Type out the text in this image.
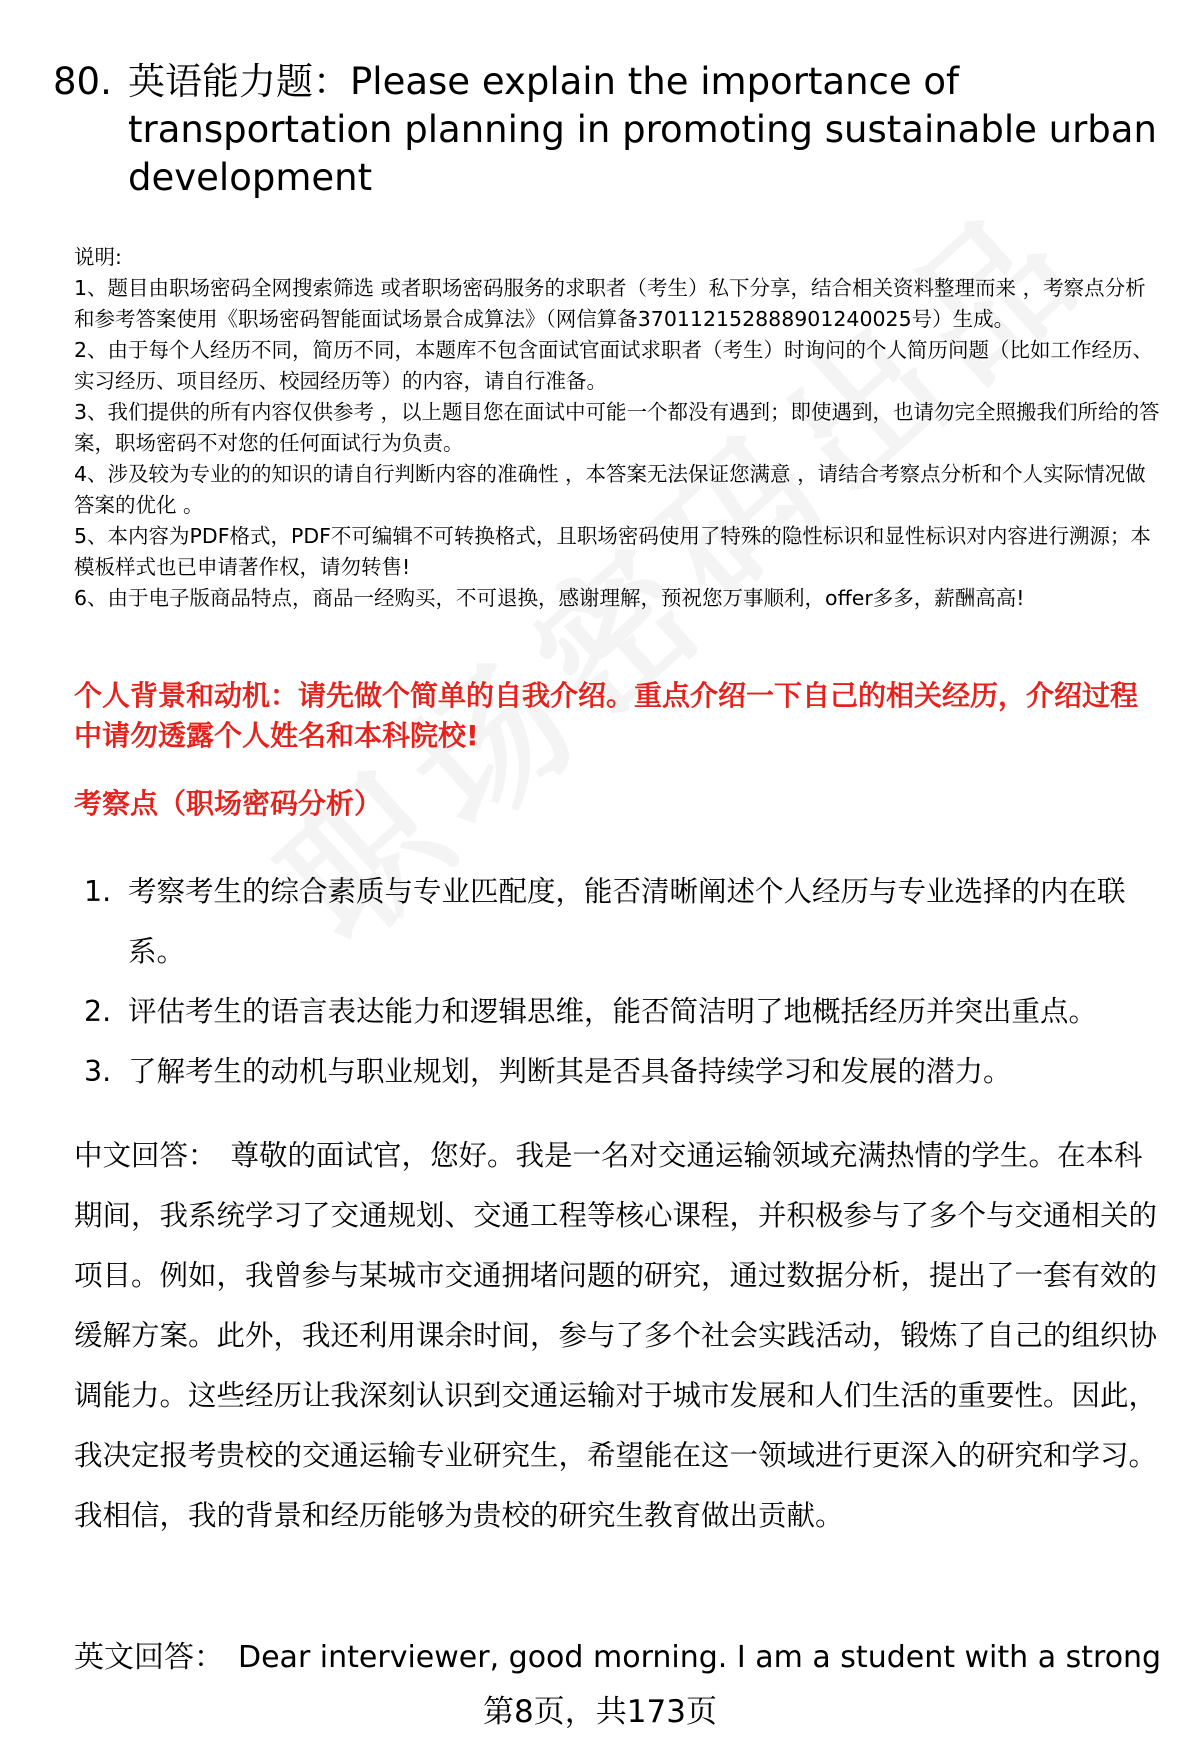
80. 英语能力题：Please explain the importance of transportation planning in promoting sustainable urban development

说明:

1、题目由职场密码全网搜索筛选 或者职场密码服务的求职者（考生）私下分享，结合相关资料整理而来 ，考察点分析和参考答案使用《职场密码智能面试场景合成算法》（网信算备370112152888901240025号）生成。

2、由于每个人经历不同，简历不同，本题库不包含面试官面试求职者（考生）时询问的个人简历问题（比如工作经历、实习经历、项目经历、校园经历等）的内容，请自行准备。

3、我们提供的所有内容仅供参考 ，以上题目您在面试中可能一个都没有遇到；即使遇到，也请勿完全照搬我们所给的答案，职场密码不对您的任何面试行为负责。

4、涉及较为专业的的知识的请自行判断内容的准确性 ，本答案无法保证您满意 ，请结合考察点分析和个人实际情况做答案的优化 。

5、本内容为PDF格式，PDF不可编辑不可转换格式，且职场密码使用了特殊的隐性标识和显性标识对内容进行溯源；本模板样式也已申请著作权，请勿转售!

6、由于电子版商品特点，商品一经购买，不可退换，感谢理解，预祝您万事顺利，offer多多，薪酬高高!

个人背景和动机：请先做个简单的自我介绍。重点介绍一下自己的相关经历，介绍过程中请勿透露个人姓名和本科院校!

考察点（职场密码分析）

1. 考察考生的综合素质与专业匹配度，能否清晰阐述个人经历与专业选择的内在联系。
2. 评估考生的语言表达能力和逻辑思维，能否简洁明了地概括经历并突出重点。
3. 了解考生的动机与职业规划，判断其是否具备持续学习和发展的潜力。

中文回答： 尊敬的面试官，您好。我是一名对交通运输领域充满热情的学生。在本科期间，我系统学习了交通规划、交通工程等核心课程，并积极参与了多个与交通相关的项目。例如，我曾参与某城市交通拥堵问题的研究，通过数据分析，提出了一套有效的缓解方案。此外，我还利用课余时间，参与了多个社会实践活动，锻炼了自己的组织协调能力。这些经历让我深刻认识到交通运输对于城市发展和人们生活的重要性。因此，我决定报考贵校的交通运输专业研究生，希望能在这一领域进行更深入的研究和学习。我相信，我的背景和经历能够为贵校的研究生教育做出贡献。

英文回答： Dear interviewer, good morning. I am a student with a strong

第8页，共173页
